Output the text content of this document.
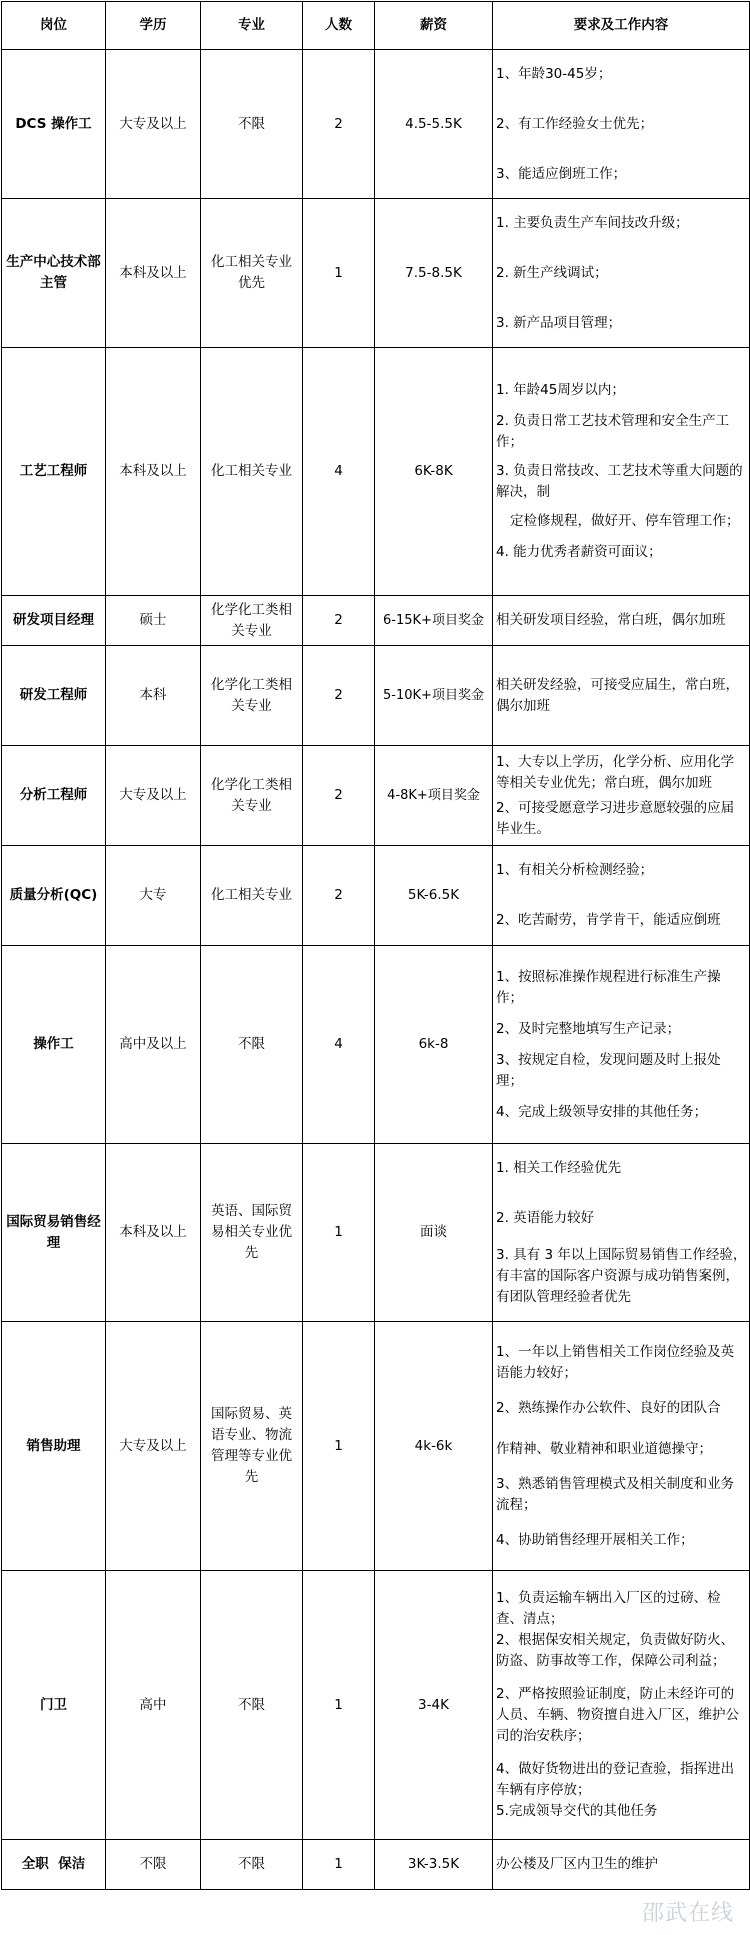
岗位	学历	专业	人数	薪资	要求及工作内容
DCS 操作工	大专及以上	不限	2	4.5-5.5K	1、年龄30-45岁；

2、有工作经验女士优先；

3、能适应倒班工作；

生产中心技术部主管	本科及以上	化工相关专业优先	1	7.5-8.5K	1. 主要负责生产车间技改升级；

2. 新生产线调试；

3. 新产品项目管理；

工艺工程师	本科及以上	化工相关专业	4	6K-8K	1. 年龄45周岁以内；

2. 负责日常工艺技术管理和安全生产工作；

3. 负责日常技改、工艺技术等重大问题的解决，制

定检修规程，做好开、停车管理工作；

4. 能力优秀者薪资可面议；

研发项目经理	硕士	化学化工类相关专业	2	6-15K+项目奖金	相关研发项目经验，常白班，偶尔加班

研发工程师	本科	化学化工类相关专业	2	5-10K+项目奖金	相关研发经验，可接受应届生，常白班，偶尔加班

分析工程师	大专及以上	化学化工类相关专业	2	4-8K+项目奖金	1、大专以上学历，化学分析、应用化学等相关专业优先；常白班，偶尔加班

2、可接受愿意学习进步意愿较强的应届毕业生。

质量分析(QC)	大专	化工相关专业	2	5K-6.5K	1、有相关分析检测经验；

2、吃苦耐劳，肯学肯干，能适应倒班

操作工	高中及以上	不限	4	6k-8	1、按照标准操作规程进行标准生产操作；

2、及时完整地填写生产记录；

3、按规定自检，发现问题及时上报处理；

4、完成上级领导安排的其他任务；

国际贸易销售经理	本科及以上	英语、国际贸易相关专业优先	1	面谈	1. 相关工作经验优先

2. 英语能力较好

3. 具有 3 年以上国际贸易销售工作经验，有丰富的国际客户资源与成功销售案例，有团队管理经验者优先

销售助理	大专及以上	国际贸易、英语专业、物流管理等专业优先	1	4k-6k	1、一年以上销售相关工作岗位经验及英语能力较好；

2、熟练操作办公软件、良好的团队合

作精神、敬业精神和职业道德操守；

3、熟悉销售管理模式及相关制度和业务流程；

4、协助销售经理开展相关工作；

门卫	高中	不限	1	3-4K	1、负责运输车辆出入厂区的过磅、检查、清点；

2、根据保安相关规定，负责做好防火、防盗、防事故等工作，保障公司利益；

2、严格按照验证制度，防止未经许可的人员、车辆、物资擅自进入厂区，维护公司的治安秩序；

4、做好货物进出的登记查验，指挥进出车辆有序停放；

5.完成领导交代的其他任务

全职  保洁	不限	不限	1	3K-3.5K	办公楼及厂区内卫生的维护

邵武在线
